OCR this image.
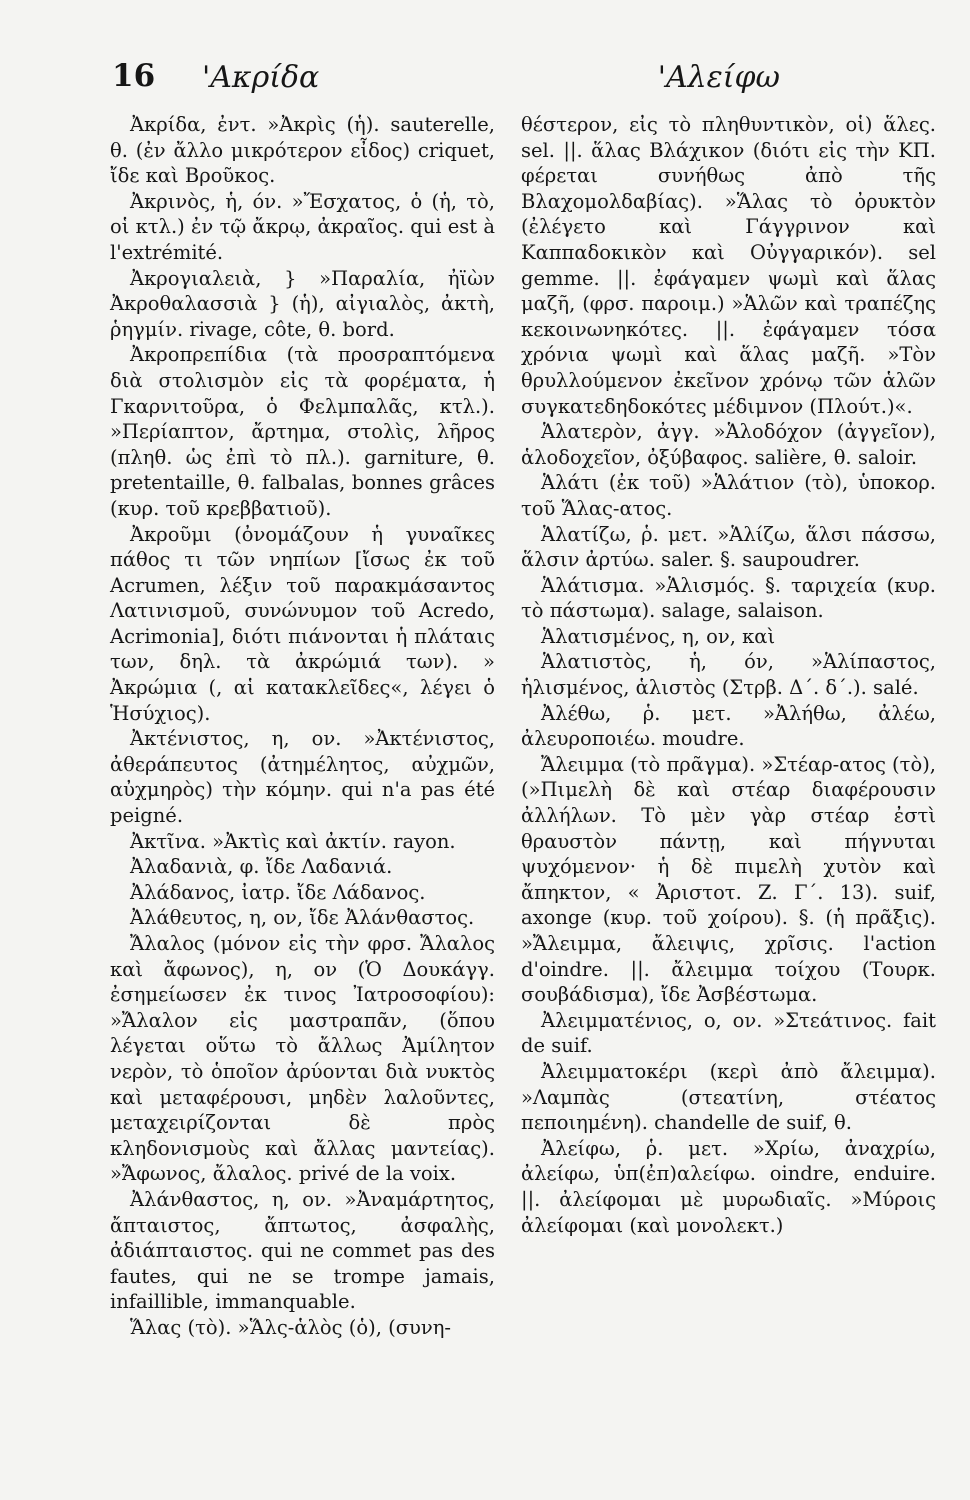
16 'Ακρίδα	'Αλείφω

Ἀκρίδα, ἐντ. »Ἀκρὶς (ἡ). sauterelle, θ. (ἐν ἄλλο μικρότερον εἶδος) criquet, ἴδε καὶ Βροῦκος.

Ἀκρινὸς, ἡ, όν. »Ἔσχατος, ὁ (ἡ, τὸ, οἱ κτλ.) ἐν τῷ ἄκρῳ, ἀκραῖος. qui est à l'extrémité.

Ἀκρογιαλειὰ, } »Παραλία, ἠϊὼν Ἀκροθαλασσιὰ } (ἡ), αἰγιαλὸς, ἀκτὴ, ῥηγμίν. rivage, côte, θ. bord.

Ἀκροπρεπίδια (τὰ προσραπτόμενα διὰ στολισμὸν εἰς τὰ φορέματα, ἡ Γκαρνιτοῦρα, ὁ Φελμπαλᾶς, κτλ.). »Περίαπτον, ἄρτημα, στολὶς, λῆρος (πληθ. ὡς ἐπὶ τὸ πλ.). garniture, θ. pretentaille, θ. falbalas, bonnes grâces (κυρ. τοῦ κρεββατιοῦ).

Ἀκροῦμι (ὀνομάζουν ἡ γυναῖκες πάθος τι τῶν νηπίων [ἴσως ἐκ τοῦ Acrumen, λέξιν τοῦ παρακμάσαντος Λατινισμοῦ, συνώνυμον τοῦ Acredo, Acrimonia], διότι πιάνονται ἡ πλάταις των, δηλ. τὰ ἀκρώμιά των). » Ἀκρώμια (, αἱ κατακλεῖδες«, λέγει ὁ Ἡσύχιος).

Ἀκτένιστος, η, ον. »Ἀκτένιστος, ἀθεράπευτος (ἀτημέλητος, αὐχμῶν, αὐχμηρὸς) τὴν κόμην. qui n'a pas été peigné.

Ἀκτῖνα. »Ἀκτὶς καὶ ἀκτίν. rayon.

Ἀλαδανιὰ, φ. ἴδε Λαδανιά.

Ἀλάδανος, ἰατρ. ἴδε Λάδανος.

Ἀλάθευτος, η, ον, ἴδε Ἀλάνθαστος.

Ἄλαλος (μόνον εἰς τὴν φρσ. Ἄλαλος καὶ ἄφωνος), η, ον (Ὁ Δουκάγγ. ἐσημείωσεν ἐκ τινος Ἰατροσοφίου): »Ἄλαλον εἰς μαστραπᾶν, (ὅπου λέγεται οὕτω τὸ ἄλλως Ἀμίλητον νερὸν, τὸ ὁποῖον ἀρύονται διὰ νυκτὸς καὶ μεταφέρουσι, μηδὲν λαλοῦντες, μεταχειρίζονται δὲ πρὸς κληδονισμοὺς καὶ ἄλλας μαντείας). »Ἄφωνος, ἄλαλος. privé de la voix.

Ἀλάνθαστος, η, ον. »Ἀναμάρτητος, ἄπταιστος, ἄπτωτος, ἀσφαλὴς, ἀδιάπταιστος. qui ne commet pas des fautes, qui ne se trompe jamais, infaillible, immanquable.

Ἅλας (τὸ). »Ἅλς-ἁλὸς (ὁ), (συνη-

θέστερον, εἰς τὸ πληθυντικὸν, οἱ) ἅλες. sel. ||. ἅλας Βλάχικον (διότι εἰς τὴν ΚΠ. φέρεται συνήθως ἀπὸ τῆς Βλαχομολδαβίας). »Ἅλας τὸ ὀρυκτὸν (ἐλέγετο καὶ Γάγγρινον καὶ Καππαδοκικὸν καὶ Οὐγγαρικόν). sel gemme. ||. ἐφάγαμεν ψωμὶ καὶ ἅλας μαζῆ, (φρσ. παροιμ.) »Ἁλῶν καὶ τραπέζης κεκοινωνηκότες. ||. ἐφάγαμεν τόσα χρόνια ψωμὶ καὶ ἅλας μαζῆ. »Τὸν θρυλλούμενον ἐκεῖνον χρόνῳ τῶν ἁλῶν συγκατεδηδοκότες μέδιμνον (Πλούτ.)«.

Ἁλατερὸν, ἀγγ. »Ἁλοδόχον (ἀγγεῖον), ἁλοδοχεῖον, ὀξύβαφος. salière, θ. saloir.

Ἁλάτι (ἐκ τοῦ) »Ἁλάτιον (τὸ), ὑποκορ. τοῦ Ἅλας-ατος.

Ἁλατίζω, ῥ. μετ. »Ἁλίζω, ἅλσι πάσσω, ἅλσιν ἀρτύω. saler. §. saupoudrer.

Ἁλάτισμα. »Ἁλισμός. §. ταριχεία (κυρ. τὸ πάστωμα). salage, salaison.

Ἁλατισμένος, η, ον, καὶ

Ἁλατιστὸς, ἡ, όν, »Ἁλίπαστος, ἡλισμένος, ἁλιστὸς (Στρβ. Δ΄. δ΄.). salé.

Ἀλέθω, ῥ. μετ. »Ἀλήθω, ἀλέω, ἀλευροποιέω. moudre.

Ἄλειμμα (τὸ πρᾶγμα). »Στέαρ-ατος (τὸ), (»Πιμελὴ δὲ καὶ στέαρ διαφέρουσιν ἀλλήλων. Τὸ μὲν γὰρ στέαρ ἐστὶ θραυστὸν πάντῃ, καὶ πήγνυται ψυχόμενον· ἡ δὲ πιμελὴ χυτὸν καὶ ἄπηκτον, « Ἀριστοτ. Ζ. Γ΄. 13). suif, axonge (κυρ. τοῦ χοίρου). §. (ἡ πρᾶξις). »Ἄλειμμα, ἄλειψις, χρῖσις. l'action d'oindre. ||. ἄλειμμα τοίχου (Τουρκ. σουβάδισμα), ἴδε Ἀσβέστωμα.

Ἀλειμματένιος, ο, ον. »Στεάτινος. fait de suif.

Ἀλειμματοκέρι (κερὶ ἀπὸ ἄλειμμα). »Λαμπὰς (στεατίνη, στέατος πεποιημένη). chandelle de suif, θ.

Ἀλείφω, ῥ. μετ. »Χρίω, ἀναχρίω, ἀλείφω, ὑπ(ἐπ)αλείφω. oindre, enduire. ||. ἀλείφομαι μὲ μυρωδιαῖς. »Μύροις ἀλείφομαι (καὶ μονολεκτ.)
